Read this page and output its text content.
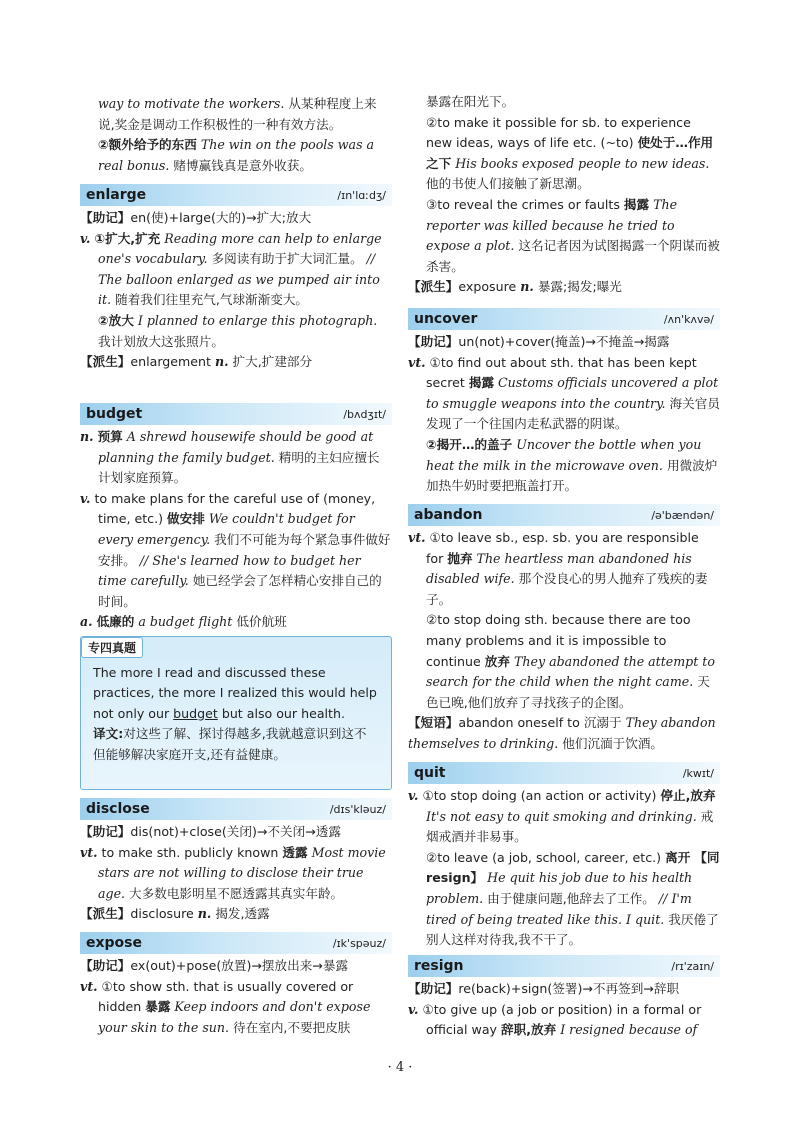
way to motivate the workers. 从某种程度上来说,奖金是调动工作积极性的一种有效方法。

②额外给予的东西 The win on the pools was a real bonus. 赌博赢钱真是意外收获。

enlarge	/ɪn'lɑːdʒ/

【助记】en(使)+large(大的)→扩大;放大

v. ①扩大,扩充 Reading more can help to enlarge one's vocabulary. 多阅读有助于扩大词汇量。 // The balloon enlarged as we pumped air into it. 随着我们往里充气,气球渐渐变大。

②放大 I planned to enlarge this photograph. 我计划放大这张照片。

【派生】enlargement n. 扩大,扩建部分

budget	/bʌdʒɪt/

n. 预算 A shrewd housewife should be good at planning the family budget. 精明的主妇应擅长计划家庭预算。

v. to make plans for the careful use of (money, time, etc.) 做安排 We couldn't budget for every emergency. 我们不可能为每个紧急事件做好安排。 // She's learned how to budget her time carefully. 她已经学会了怎样精心安排自己的时间。

a. 低廉的 a budget flight 低价航班

专四真题

The more I read and discussed these practices, the more I realized this would help not only our budget but also our health.

译文:对这些了解、探讨得越多,我就越意识到这不但能够解决家庭开支,还有益健康。

disclose	/dɪs'kləuz/

【助记】dis(not)+close(关闭)→不关闭→透露

vt. to make sth. publicly known 透露 Most movie stars are not willing to disclose their true age. 大多数电影明星不愿透露其真实年龄。

【派生】disclosure n. 揭发,透露

expose	/ɪk'spəuz/

【助记】ex(out)+pose(放置)→摆放出来→暴露

vt. ①to show sth. that is usually covered or hidden 暴露 Keep indoors and don't expose your skin to the sun. 待在室内,不要把皮肤

暴露在阳光下。

②to make it possible for sb. to experience new ideas, ways of life etc. (~to) 使处于…作用之下 His books exposed people to new ideas. 他的书使人们接触了新思潮。

③to reveal the crimes or faults 揭露 The reporter was killed because he tried to expose a plot. 这名记者因为试图揭露一个阴谋而被杀害。

【派生】exposure n. 暴露;揭发;曝光

uncover	/ʌn'kʌvə/

【助记】un(not)+cover(掩盖)→不掩盖→揭露

vt. ①to find out about sth. that has been kept secret 揭露 Customs officials uncovered a plot to smuggle weapons into the country. 海关官员发现了一个往国内走私武器的阴谋。

②揭开…的盖子 Uncover the bottle when you heat the milk in the microwave oven. 用微波炉加热牛奶时要把瓶盖打开。

abandon	/ə'bændən/

vt. ①to leave sb., esp. sb. you are responsible for 抛弃 The heartless man abandoned his disabled wife. 那个没良心的男人抛弃了残疾的妻子。

②to stop doing sth. because there are too many problems and it is impossible to continue 放弃 They abandoned the attempt to search for the child when the night came. 天色已晚,他们放弃了寻找孩子的企图。

【短语】abandon oneself to 沉溺于 They abandon themselves to drinking. 他们沉湎于饮酒。

quit	/kwɪt/

v. ①to stop doing (an action or activity) 停止,放弃 It's not easy to quit smoking and drinking. 戒烟戒酒并非易事。

②to leave (a job, school, career, etc.) 离开 【同 resign】 He quit his job due to his health problem. 由于健康问题,他辞去了工作。 // I'm tired of being treated like this. I quit. 我厌倦了别人这样对待我,我不干了。

resign	/rɪ'zaɪn/

【助记】re(back)+sign(签署)→不再签到→辞职

v. ①to give up (a job or position) in a formal or official way 辞职,放弃 I resigned because of

· 4 ·
